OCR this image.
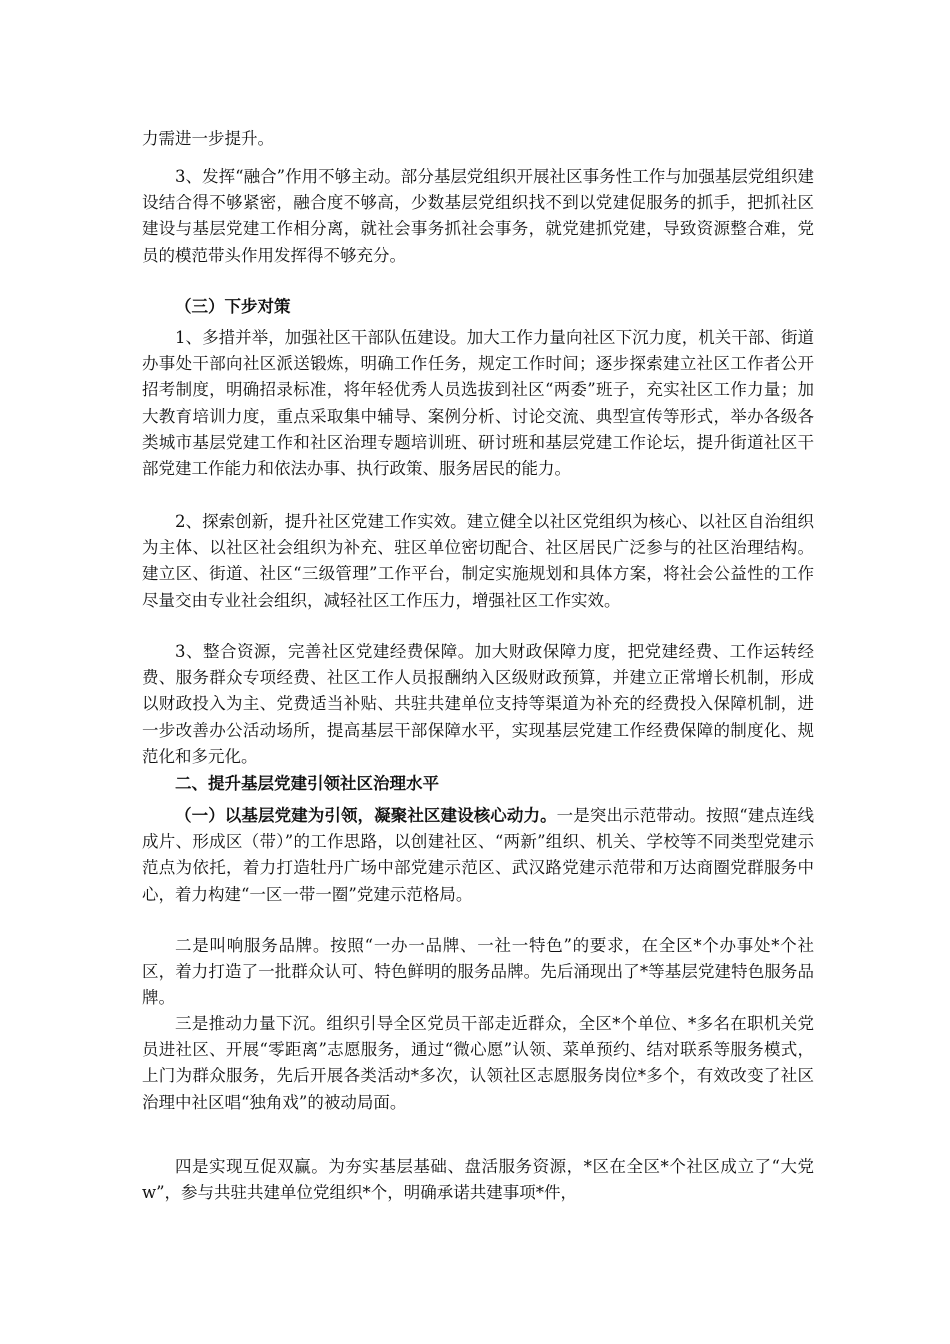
力需进一步提升。

3、发挥“融合”作用不够主动。部分基层党组织开展社区事务性工作与加强基层党组织建设结合得不够紧密，融合度不够高，少数基层党组织找不到以党建促服务的抓手，把抓社区建设与基层党建工作相分离，就社会事务抓社会事务，就党建抓党建，导致资源整合难，党员的模范带头作用发挥得不够充分。

（三）下步对策

1、多措并举，加强社区干部队伍建设。加大工作力量向社区下沉力度，机关干部、街道办事处干部向社区派送锻炼，明确工作任务，规定工作时间；逐步探索建立社区工作者公开招考制度，明确招录标准，将年轻优秀人员选拔到社区“两委”班子，充实社区工作力量；加大教育培训力度，重点采取集中辅导、案例分析、讨论交流、典型宣传等形式，举办各级各类城市基层党建工作和社区治理专题培训班、研讨班和基层党建工作论坛，提升街道社区干部党建工作能力和依法办事、执行政策、服务居民的能力。

2、探索创新，提升社区党建工作实效。建立健全以社区党组织为核心、以社区自治组织为主体、以社区社会组织为补充、驻区单位密切配合、社区居民广泛参与的社区治理结构。建立区、街道、社区“三级管理”工作平台，制定实施规划和具体方案，将社会公益性的工作尽量交由专业社会组织，减轻社区工作压力，增强社区工作实效。

3、整合资源，完善社区党建经费保障。加大财政保障力度，把党建经费、工作运转经费、服务群众专项经费、社区工作人员报酬纳入区级财政预算，并建立正常增长机制，形成以财政投入为主、党费适当补贴、共驻共建单位支持等渠道为补充的经费投入保障机制，进一步改善办公活动场所，提高基层干部保障水平，实现基层党建工作经费保障的制度化、规范化和多元化。

二、提升基层党建引领社区治理水平

（一）以基层党建为引领，凝聚社区建设核心动力。一是突出示范带动。按照“建点连线成片、形成区（带）”的工作思路，以创建社区、“两新”组织、机关、学校等不同类型党建示范点为依托，着力打造牡丹广场中部党建示范区、武汉路党建示范带和万达商圈党群服务中心，着力构建“一区一带一圈”党建示范格局。

二是叫响服务品牌。按照“一办一品牌、一社一特色”的要求，在全区*个办事处*个社区，着力打造了一批群众认可、特色鲜明的服务品牌。先后涌现出了*等基层党建特色服务品牌。

三是推动力量下沉。组织引导全区党员干部走近群众，全区*个单位、*多名在职机关党员进社区、开展“零距离”志愿服务，通过“微心愿”认领、菜单预约、结对联系等服务模式，上门为群众服务，先后开展各类活动*多次，认领社区志愿服务岗位*多个，有效改变了社区治理中社区唱“独角戏”的被动局面。

四是实现互促双赢。为夯实基层基础、盘活服务资源，*区在全区*个社区成立了“大党w”，参与共驻共建单位党组织*个，明确承诺共建事项*件，
